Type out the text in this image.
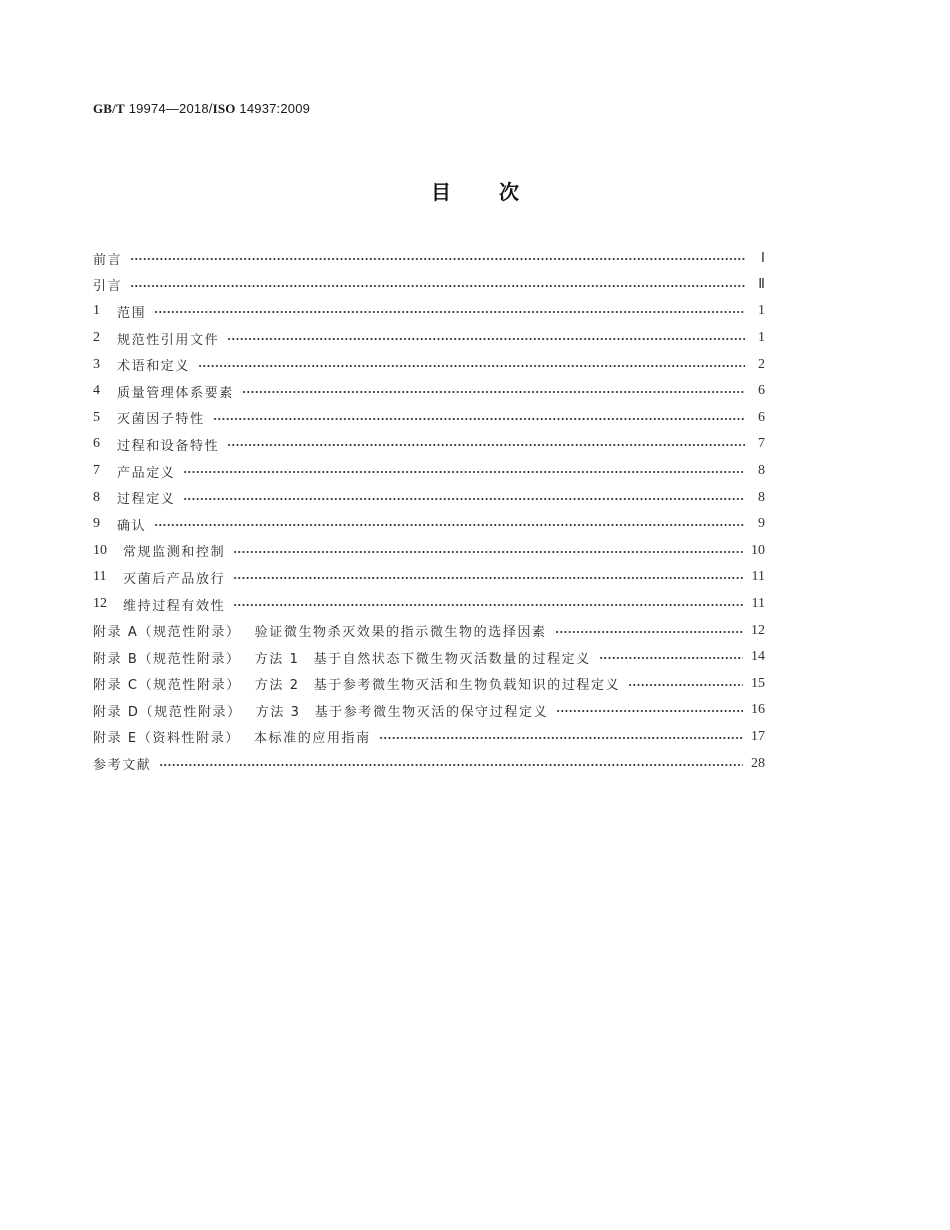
GB/T 19974—2018/ISO 14937:2009
目 次
前言	Ⅰ
引言	Ⅱ
1	范围	1
2	规范性引用文件	1
3	术语和定义	2
4	质量管理体系要素	6
5	灭菌因子特性	6
6	过程和设备特性	7
7	产品定义	8
8	过程定义	8
9	确认	9
10	常规监测和控制	10
11	灭菌后产品放行	11
12	维持过程有效性	11
附录 A（规范性附录） 验证微生物杀灭效果的指示微生物的选择因素	12
附录 B（规范性附录） 方法 1 基于自然状态下微生物灭活数量的过程定义	14
附录 C（规范性附录） 方法 2 基于参考微生物灭活和生物负载知识的过程定义	15
附录 D（规范性附录） 方法 3 基于参考微生物灭活的保守过程定义	16
附录 E（资料性附录） 本标准的应用指南	17
参考文献	28
